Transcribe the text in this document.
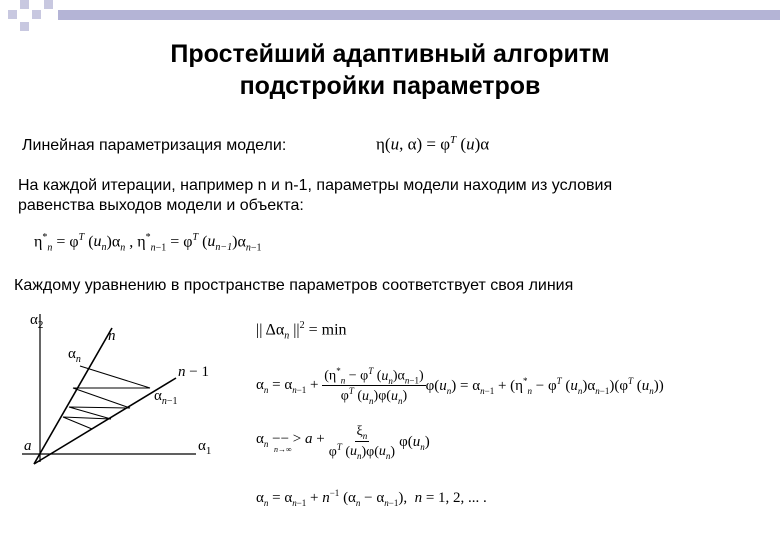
Простейший адаптивный алгоритм
подстройки параметров
Линейная параметризация модели:	η(u, $\alpha) = \varphi^T$ (u)α
На каждой итерации, например n и n-1, параметры модели находим из условия
равенства выходов модели и объекта:
$\eta^*_n = \varphi^T$ $(u_n)\alpha_n$ , $\eta^*_{n-1} = \varphi^T$ $(u_{n-1})\alpha_{n-1}$
Каждому уравнению в пространстве параметров соответствует своя линия
$\alpha_2$
$\alpha_1$
n
n − 1
$\alpha_n$
$\alpha_{n-1}$
a
|| $\Delta\alpha_n$ $||^2 = \min$
$\alpha_n = \alpha_{n-1} + \frac{(\eta^*_n - \varphi^T (u_n)\alpha_{n-1})}{\varphi^T (u_n)\varphi(u_n)} \varphi(u_n) = \alpha_{n-1} + (\eta^*_n - \varphi^T$ $(u_n)\alpha_{n-1})(\varphi^T$ $(u_n)$)
$\alpha_n$ −− > a +
n→∞
$\xi_n$
$\varphi^T$ $(u_n)\varphi(u_n)$
$\varphi(u_n)$
$\alpha_n = \alpha_{n-1} + n^{-1}$ $(\alpha_n - \alpha_{n-1})$,  n = 1, 2, ... .
